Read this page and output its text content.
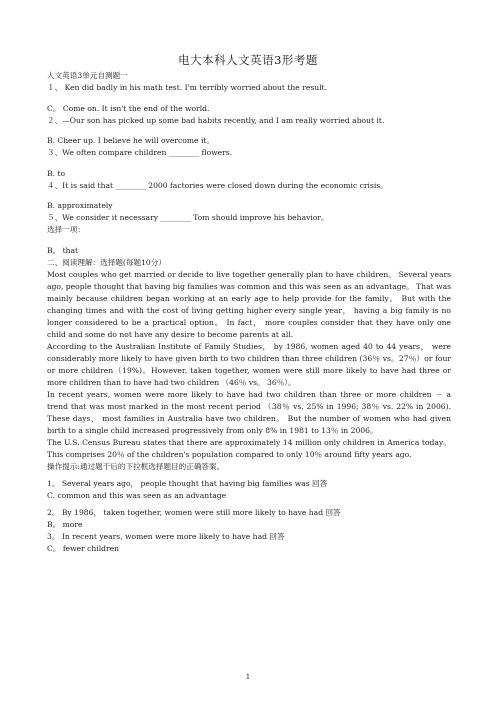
电大本科人文英语3形考题

人文英语3单元自测题一

１、 Ken did badly in his math test. I'm terribly worried about the result.

C。 Come on. It isn't the end of the world.

２、—Our son has picked up some bad habits recently, and I am really worried about it.

B. Cheer up. I believe he will overcome it。

３、We often compare children ________ flowers.

B. to

４、It is said that ________ 2000 factories were closed down during the economic crisis。

B. approximately

５、We consider it necessary ________ Tom should improve his behavior。

选择一项：

B。 that

二、阅读理解：选择题(每题10分）

Most couples who get married or decide to live together generally plan to have children。 Several years ago, people thought that having big families was common and this was seen as an advantage。 That was mainly because children began working at an early age to help provide for the family。 But with the changing times and with the cost of living getting higher every single year， having a big family is no longer considered to be a practical option。 In fact， more couples consider that they have only one child and some do not have any desire to become parents at all.

According to the Australian Institute of Family Studies， by 1986, women aged 40 to 44 years， were considerably more likely to have given birth to two children than three children (36％ vs。27％）or four or more children（19%)。However, taken together, women were still more likely to have had three or more children than to have had two children （46％ vs。 36％）。

In recent years, women were more likely to have had two children than three or more children － a trend that was most marked in the most recent period （38％ vs. 25% in 1996; 38％ vs. 22% in 2006). These days， most families in Australia have two children。 But the number of women who had given birth to a single child increased progressively from only 8% in 1981 to 13％ in 2006。

The U.S. Census Bureau states that there are approximately 14 million only children in America today。 This comprises 20％ of the children's population compared to only 10％ around fifty years ago.

操作提示:通过题干后的下拉框选择题目的正确答案。

1。 Several years ago， people thought that having big families was 回答

C. common and this was seen as an advantage

2。 By 1986， taken together, women were still more likely to have had 回答

B。 more

3。 In recent years, women were more likely to have had 回答

C。 fewer children

1
